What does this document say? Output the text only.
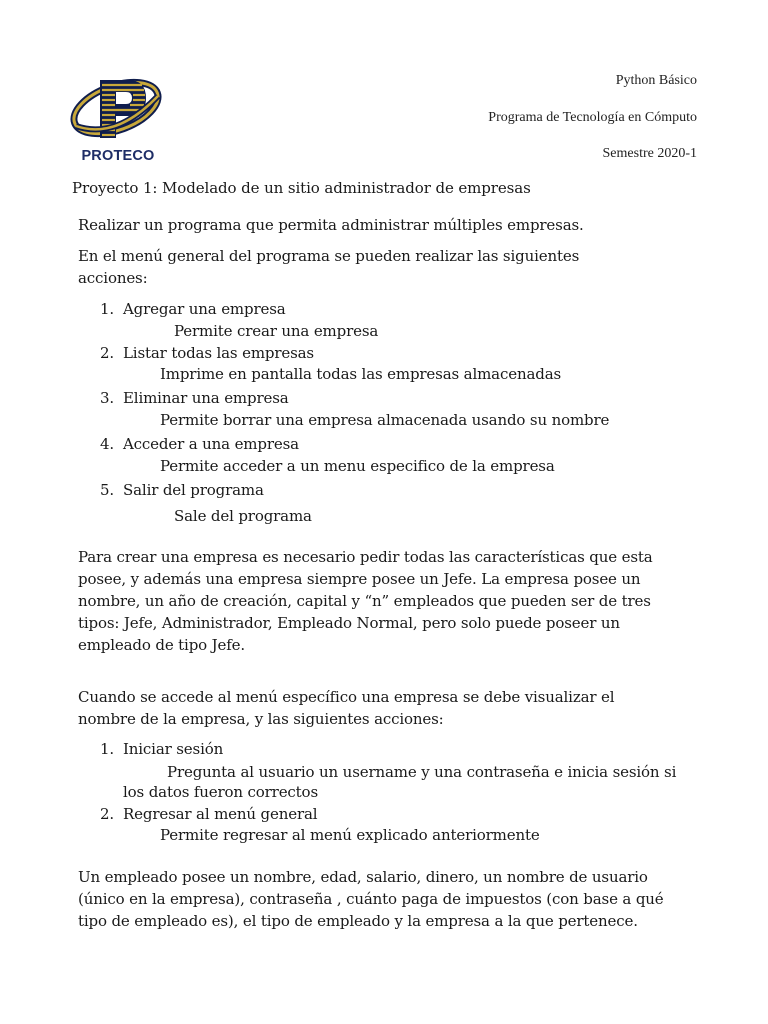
PROTECO
Python Básico
Programa de Tecnología en Cómputo
Semestre 2020-1
Proyecto 1: Modelado de un sitio administrador de empresas
Realizar un programa que permita administrar múltiples empresas.
En el menú general del programa se pueden realizar las siguientes
acciones:
1. Agregar una empresa
Permite crear una empresa
2. Listar todas las empresas
Imprime en pantalla todas las empresas almacenadas
3. Eliminar una empresa
Permite borrar una empresa almacenada usando su nombre
4. Acceder a una empresa
Permite acceder a un menu especifico de la empresa
5. Salir del programa
Sale del programa
Para crear una empresa es necesario pedir todas las características que esta
posee, y además una empresa siempre posee un Jefe. La empresa posee un
nombre, un año de creación, capital y “n” empleados que pueden ser de tres
tipos: Jefe, Administrador, Empleado Normal, pero solo puede poseer un
empleado de tipo Jefe.
Cuando se accede al menú específico una empresa se debe visualizar el
nombre de la empresa, y las siguientes acciones:
1. Iniciar sesión
Pregunta al usuario un username y una contraseña e inicia sesión si
los datos fueron correctos
2. Regresar al menú general
Permite regresar al menú explicado anteriormente
Un empleado posee un nombre, edad, salario, dinero, un nombre de usuario
(único en la empresa), contraseña , cuánto paga de impuestos (con base a qué
tipo de empleado es), el tipo de empleado y la empresa a la que pertenece.
